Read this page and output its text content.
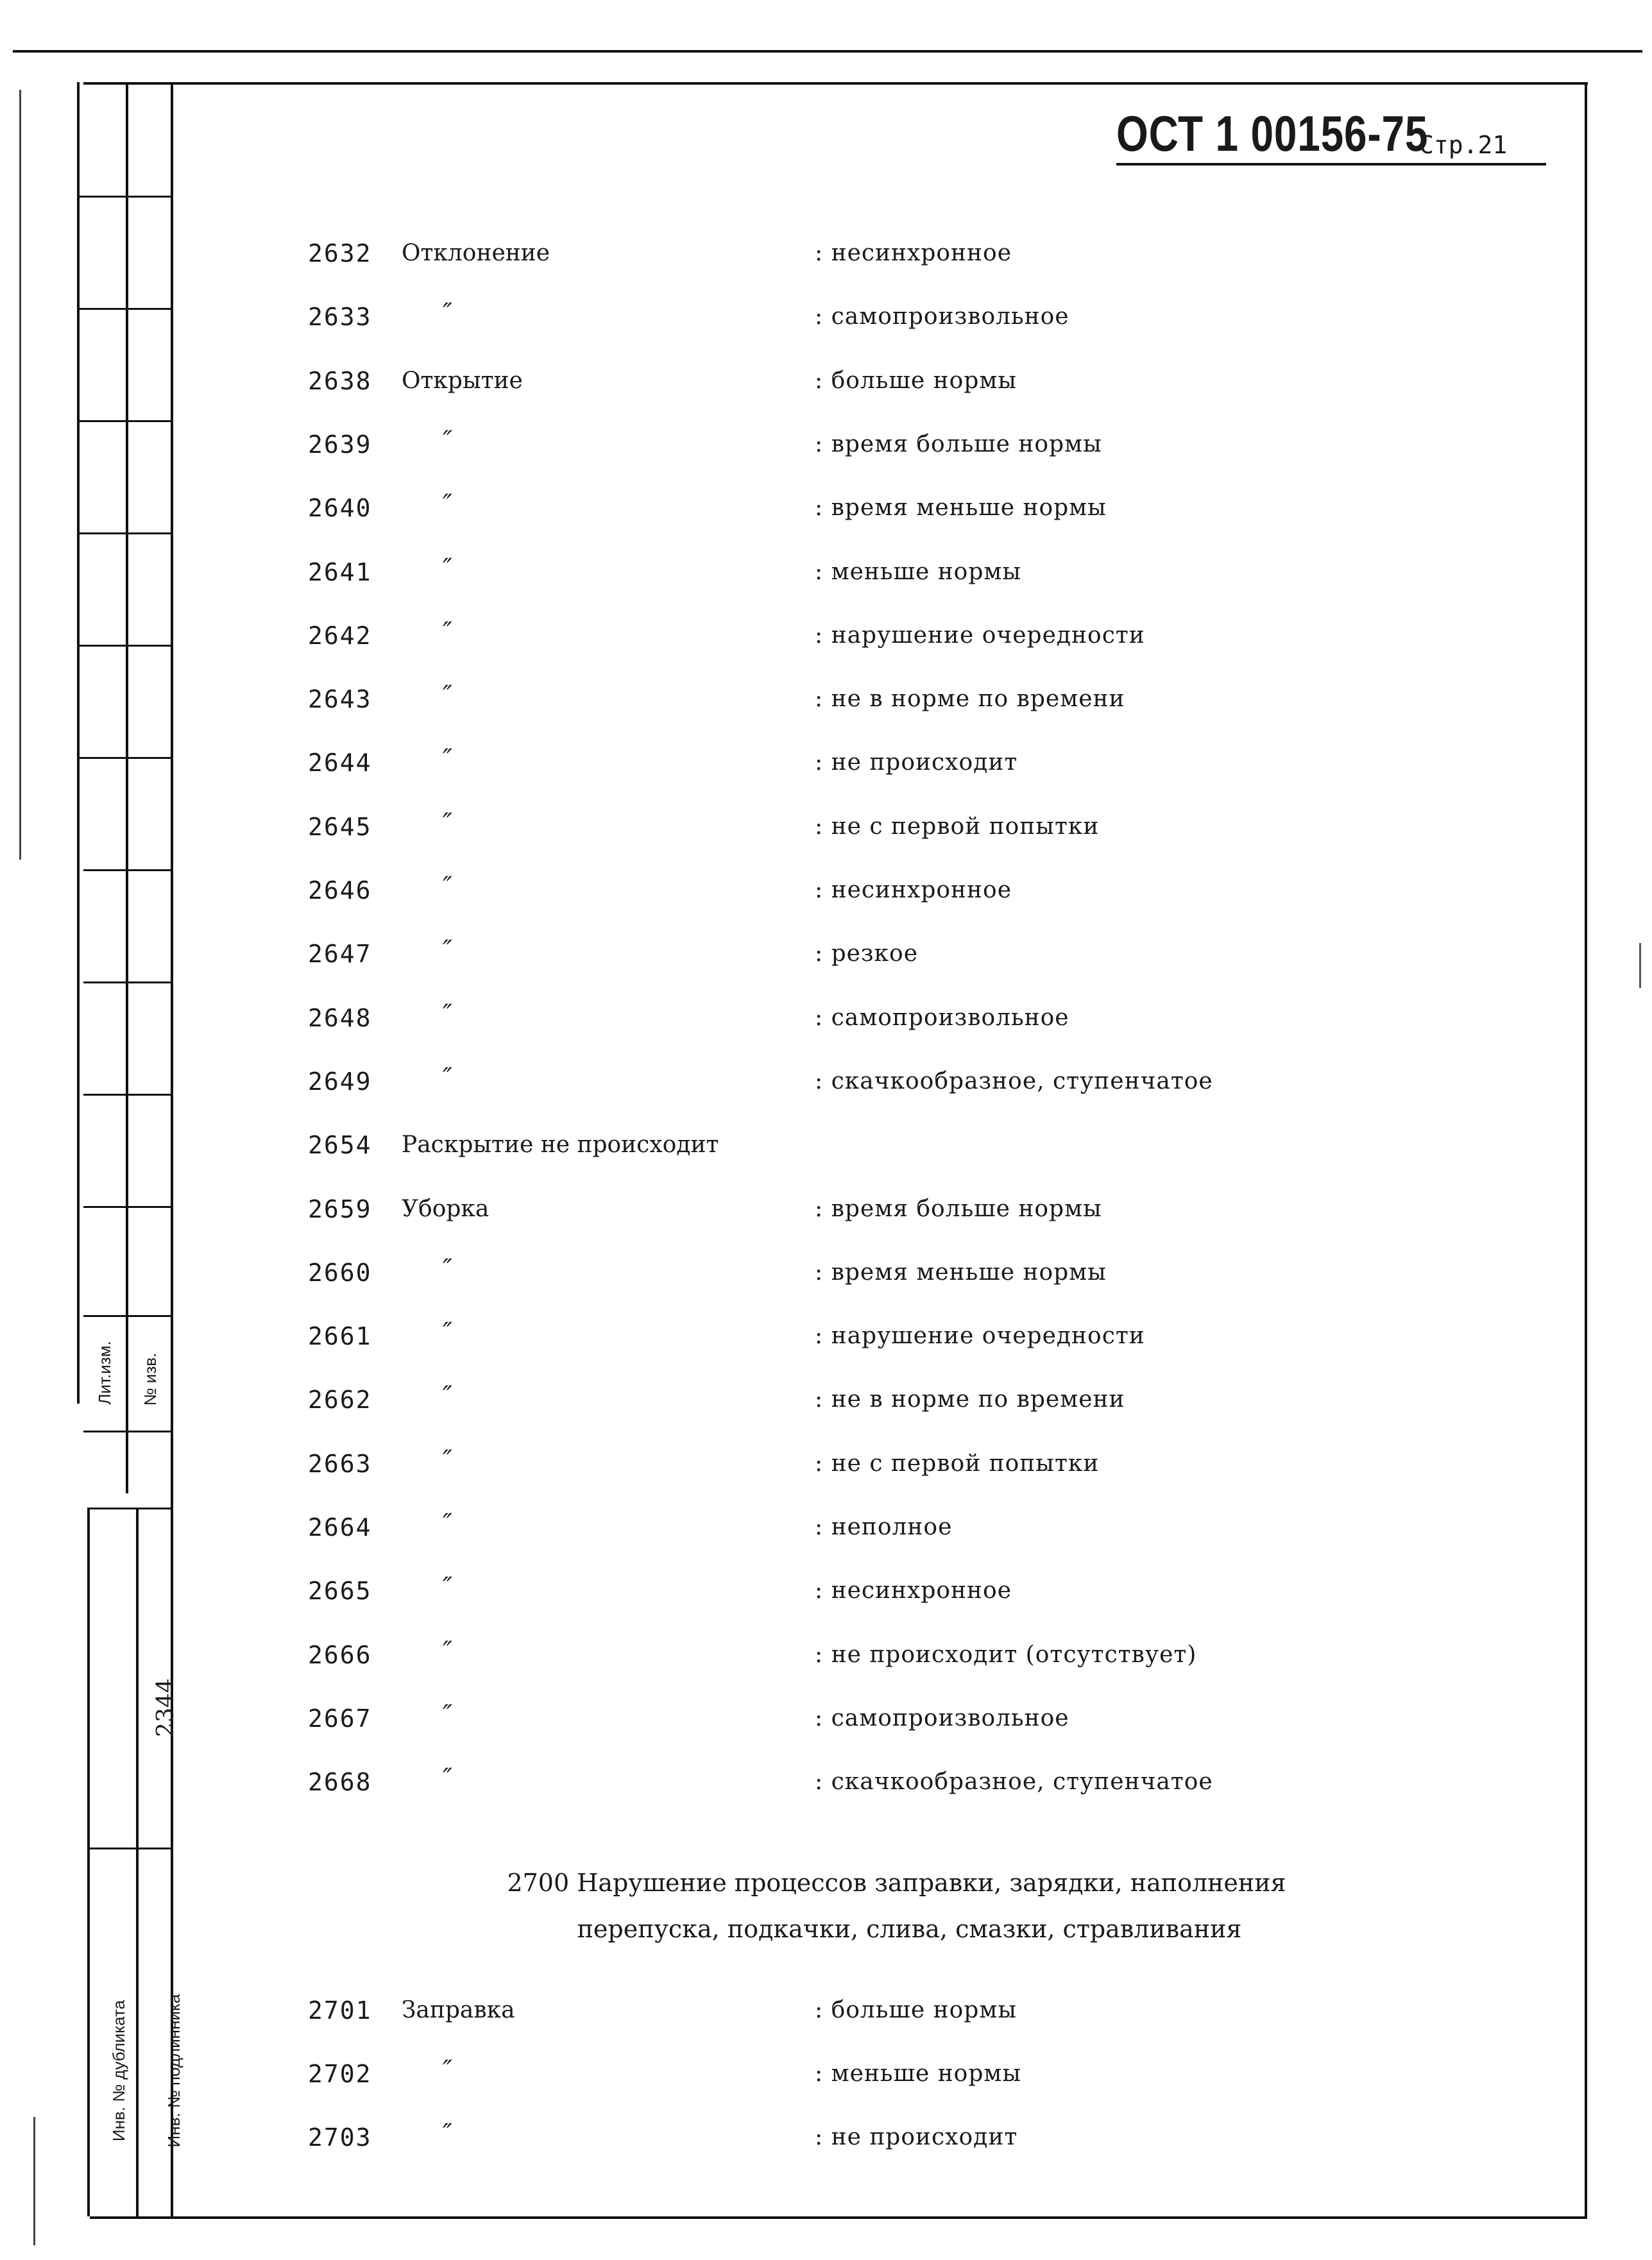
Лит.изм.	№ изв.
Инв. № дубликата Инв. № подлинника
2344
ОСТ 1 00156-75
Стр.21
2632 Отклонение	: несинхронное
2633	″	: самопроизвольное
2638 Открытие	: больше нормы
2639	″	: время больше нормы
2640	″	: время меньше нормы
2641	″	: меньше нормы
2642	″	: нарушение очередности
2643	″	: не в норме по времени
2644	″	: не происходит
2645	″	: не с первой попытки
2646	″	: несинхронное
2647	″	: резкое
2648	″	: самопроизвольное
2649	″	: скачкообразное, ступенчатое
2654 Раскрытие не происходит
2659 Уборка	: время больше нормы
2660	″	: время меньше нормы
2661	″	: нарушение очередности
2662	″	: не в норме по времени
2663	″	: не с первой попытки
2664	″	: неполное
2665	″	: несинхронное
2666	″	: не происходит (отсутствует)
2667	″	: самопроизвольное
2668	″	: скачкообразное, ступенчатое
2701 Заправка	: больше нормы
2702	″	: меньше нормы
2703	″	: не происходит
2700 Нарушение процессов заправки, зарядки, наполнения
перепуска, подкачки, слива, смазки, стравливания
